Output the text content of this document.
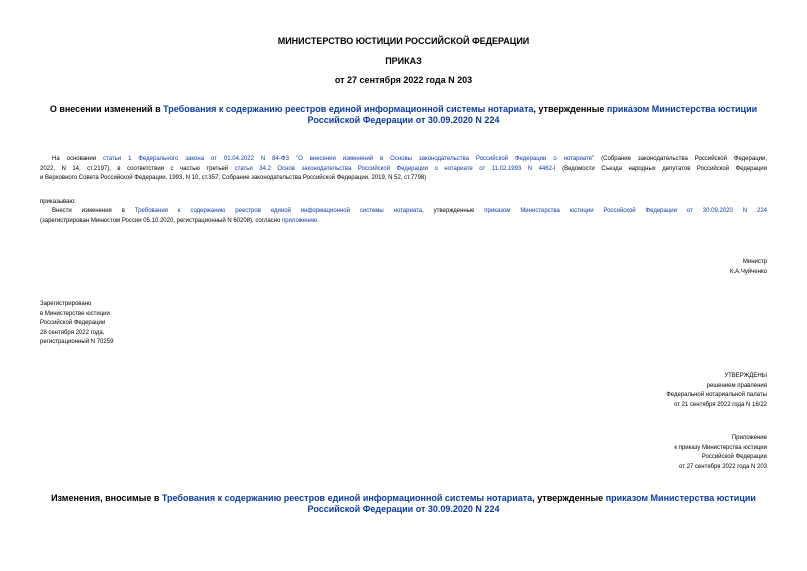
МИНИСТЕРСТВО ЮСТИЦИИ РОССИЙСКОЙ ФЕДЕРАЦИИ
ПРИКАЗ
от 27 сентября 2022 года N 203
О внесении изменений в Требования к содержанию реестров единой информационной системы нотариата, утвержденные приказом Министерства юстиции
Российской Федерации от 30.09.2020 N 224
На основании статьи 1 Федерального закона от 01.04.2022 N 84-ФЗ "О внесении изменений в Основы законодательства Российской Федерации о нотариате" (Собрание законодательства Российской Федерации,
2022, N 14, ст.2197), в соответствии с частью третьей статьи 34.2 Основ законодательства Российской Федерации о нотариате от 11.02.1993 N 4462-I (Ведомости Съезда народных депутатов Российской Федерации
и Верховного Совета Российской Федерации, 1993, N 10, ст.357; Собрание законодательства Российской Федерации, 2019, N 52, ст.7798)
приказываю:
Внести изменения в Требования к содержанию реестров единой информационной системы нотариата, утвержденные приказом Министерства юстиции Российской Федерации от 30.09.2020 N 224
(зарегистрирован Минюстом России 05.10.2020, регистрационный N 60208), согласно приложению.
Министр
К.А.Чуйченко
Зарегистрировано
в Министерстве юстиции
Российской Федерации
28 сентября 2022 года,
регистрационный N 70259
УТВЕРЖДЕНЫ
решением правления
Федеральной нотариальной палаты
от 21 сентября 2022 года N 16/22
Приложение
к приказу Министерства юстиции
Российской Федерации
от 27 сентября 2022 года N 203
Изменения, вносимые в Требования к содержанию реестров единой информационной системы нотариата, утвержденные приказом Министерства юстиции
Российской Федерации от 30.09.2020 N 224
